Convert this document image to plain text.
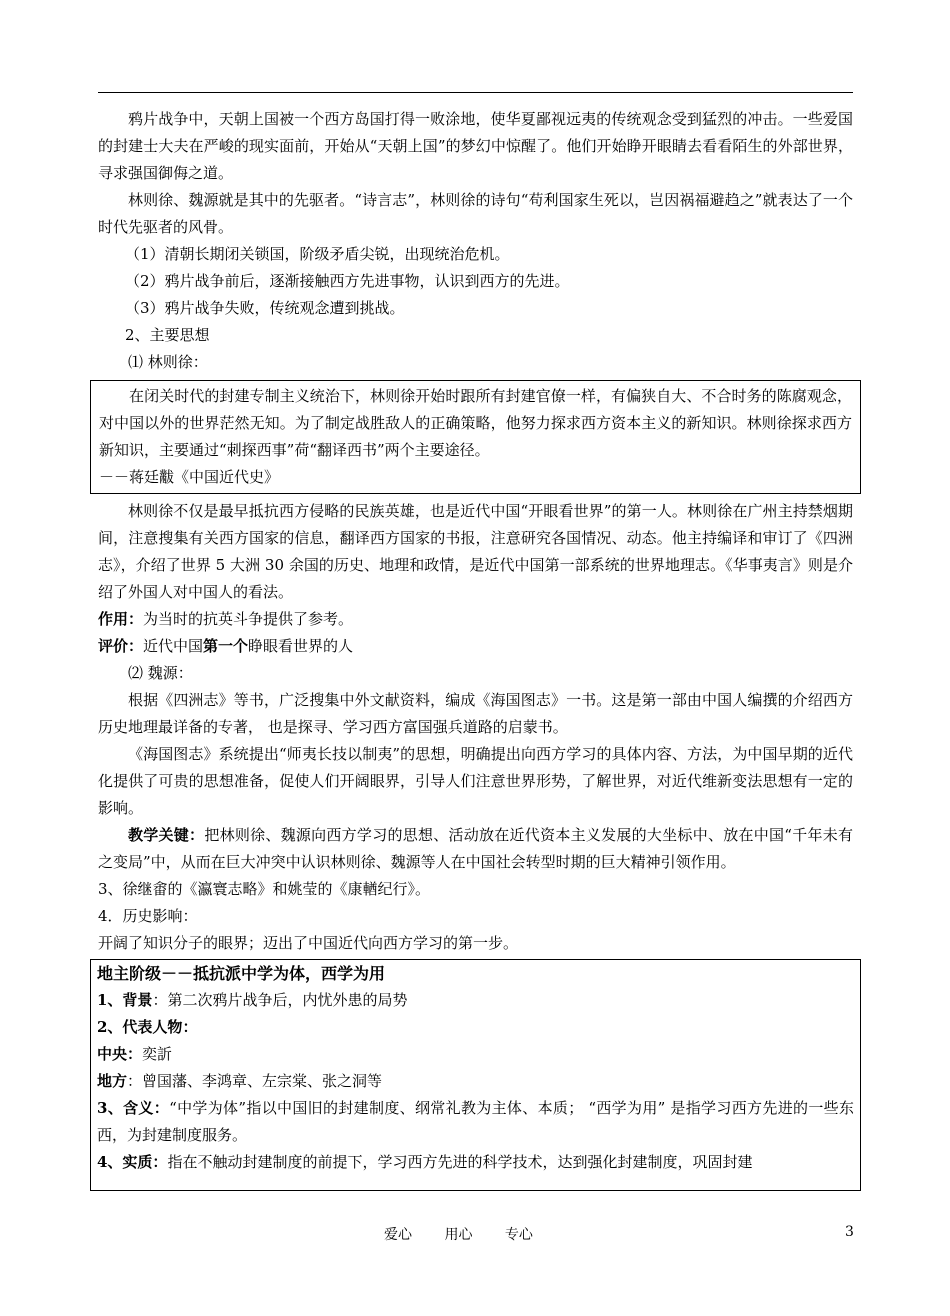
鸦片战争中，天朝上国被一个西方岛国打得一败涂地，使华夏鄙视远夷的传统观念受到猛烈的冲击。一些爱国的封建士大夫在严峻的现实面前，开始从“天朝上国”的梦幻中惊醒了。他们开始睁开眼睛去看看陌生的外部世界，寻求强国御侮之道。

林则徐、魏源就是其中的先驱者。“诗言志”，林则徐的诗句“苟利国家生死以，岂因祸福避趋之”就表达了一个时代先驱者的风骨。

（1）清朝长期闭关锁国，阶级矛盾尖锐，出现统治危机。

（2）鸦片战争前后，逐渐接触西方先进事物，认识到西方的先进。

（3）鸦片战争失败，传统观念遭到挑战。

2、主要思想

⑴ 林则徐：

在闭关时代的封建专制主义统治下，林则徐开始时跟所有封建官僚一样，有偏狭自大、不合时务的陈腐观念，对中国以外的世界茫然无知。为了制定战胜敌人的正确策略，他努力探求西方资本主义的新知识。林则徐探求西方新知识，主要通过“刺探西事”荷“翻译西书”两个主要途径。

－－蒋廷黻《中国近代史》

林则徐不仅是最早抵抗西方侵略的民族英雄，也是近代中国“开眼看世界”的第一人。林则徐在广州主持禁烟期间，注意搜集有关西方国家的信息，翻译西方国家的书报，注意研究各国情况、动态。他主持编译和审订了《四洲志》，介绍了世界 5 大洲 30 余国的历史、地理和政情，是近代中国第一部系统的世界地理志。《华事夷言》则是介绍了外国人对中国人的看法。

作用：为当时的抗英斗争提供了参考。

评价：近代中国第一个睁眼看世界的人

⑵ 魏源：

根据《四洲志》等书，广泛搜集中外文献资料，编成《海国图志》一书。这是第一部由中国人编撰的介绍西方历史地理最详备的专著， 也是探寻、学习西方富国强兵道路的启蒙书。

《海国图志》系统提出“师夷长技以制夷”的思想，明确提出向西方学习的具体内容、方法，为中国早期的近代化提供了可贵的思想准备，促使人们开阔眼界，引导人们注意世界形势，了解世界，对近代维新变法思想有一定的影响。

教学关键：把林则徐、魏源向西方学习的思想、活动放在近代资本主义发展的大坐标中、放在中国“千年未有之变局”中，从而在巨大冲突中认识林则徐、魏源等人在中国社会转型时期的巨大精神引领作用。

3、徐继畬的《瀛寰志略》和姚莹的《康輶纪行》。

4．历史影响：

开阔了知识分子的眼界；迈出了中国近代向西方学习的第一步。

地主阶级－－抵抗派中学为体，西学为用

1、背景：第二次鸦片战争后，内忧外患的局势

2、代表人物：

中央：奕訢

地方：曾国藩、李鸿章、左宗棠、张之洞等

3、含义：“中学为体”指以中国旧的封建制度、纲常礼教为主体、本质； “西学为用” 是指学习西方先进的一些东西，为封建制度服务。

4、实质：指在不触动封建制度的前提下，学习西方先进的科学技术，达到强化封建制度，巩固封建

爱心 用心 专心	3
